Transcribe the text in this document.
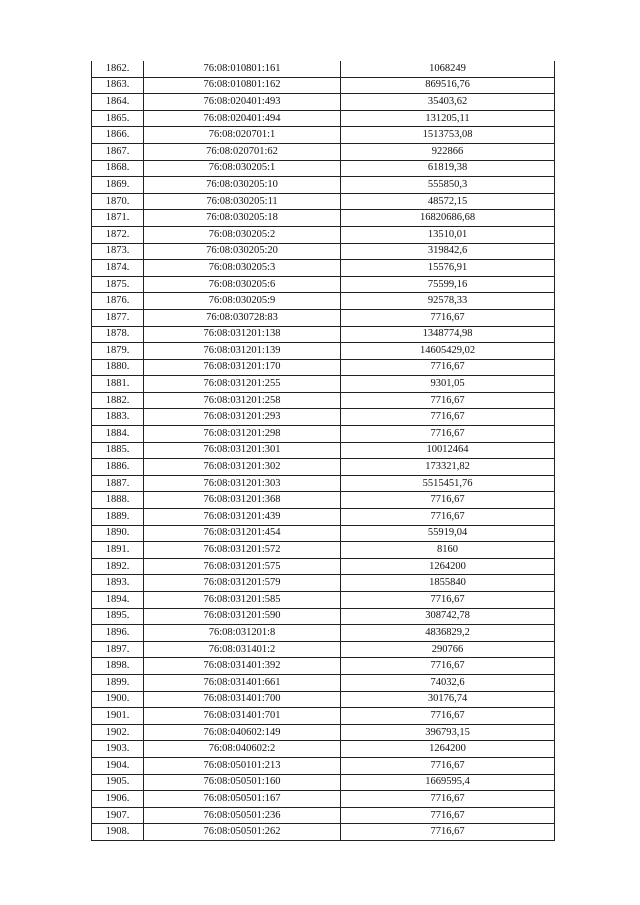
1862.	76:08:010801:161	1068249
1863.	76:08:010801:162	869516,76
1864.	76:08:020401:493	35403,62
1865.	76:08:020401:494	131205,11
1866.	76:08:020701:1	1513753,08
1867.	76:08:020701:62	922866
1868.	76:08:030205:1	61819,38
1869.	76:08:030205:10	555850,3
1870.	76:08:030205:11	48572,15
1871.	76:08:030205:18	16820686,68
1872.	76:08:030205:2	13510,01
1873.	76:08:030205:20	319842,6
1874.	76:08:030205:3	15576,91
1875.	76:08:030205:6	75599,16
1876.	76:08:030205:9	92578,33
1877.	76:08:030728:83	7716,67
1878.	76:08:031201:138	1348774,98
1879.	76:08:031201:139	14605429,02
1880.	76:08:031201:170	7716,67
1881.	76:08:031201:255	9301,05
1882.	76:08:031201:258	7716,67
1883.	76:08:031201:293	7716,67
1884.	76:08:031201:298	7716,67
1885.	76:08:031201:301	10012464
1886.	76:08:031201:302	173321,82
1887.	76:08:031201:303	5515451,76
1888.	76:08:031201:368	7716,67
1889.	76:08:031201:439	7716,67
1890.	76:08:031201:454	55919,04
1891.	76:08:031201:572	8160
1892.	76:08:031201:575	1264200
1893.	76:08:031201:579	1855840
1894.	76:08:031201:585	7716,67
1895.	76:08:031201:590	308742,78
1896.	76:08:031201:8	4836829,2
1897.	76:08:031401:2	290766
1898.	76:08:031401:392	7716,67
1899.	76:08:031401:661	74032,6
1900.	76:08:031401:700	30176,74
1901.	76:08:031401:701	7716,67
1902.	76:08:040602:149	396793,15
1903.	76:08:040602:2	1264200
1904.	76:08:050101:213	7716,67
1905.	76:08:050501:160	1669595,4
1906.	76:08:050501:167	7716,67
1907.	76:08:050501:236	7716,67
1908.	76:08:050501:262	7716,67
